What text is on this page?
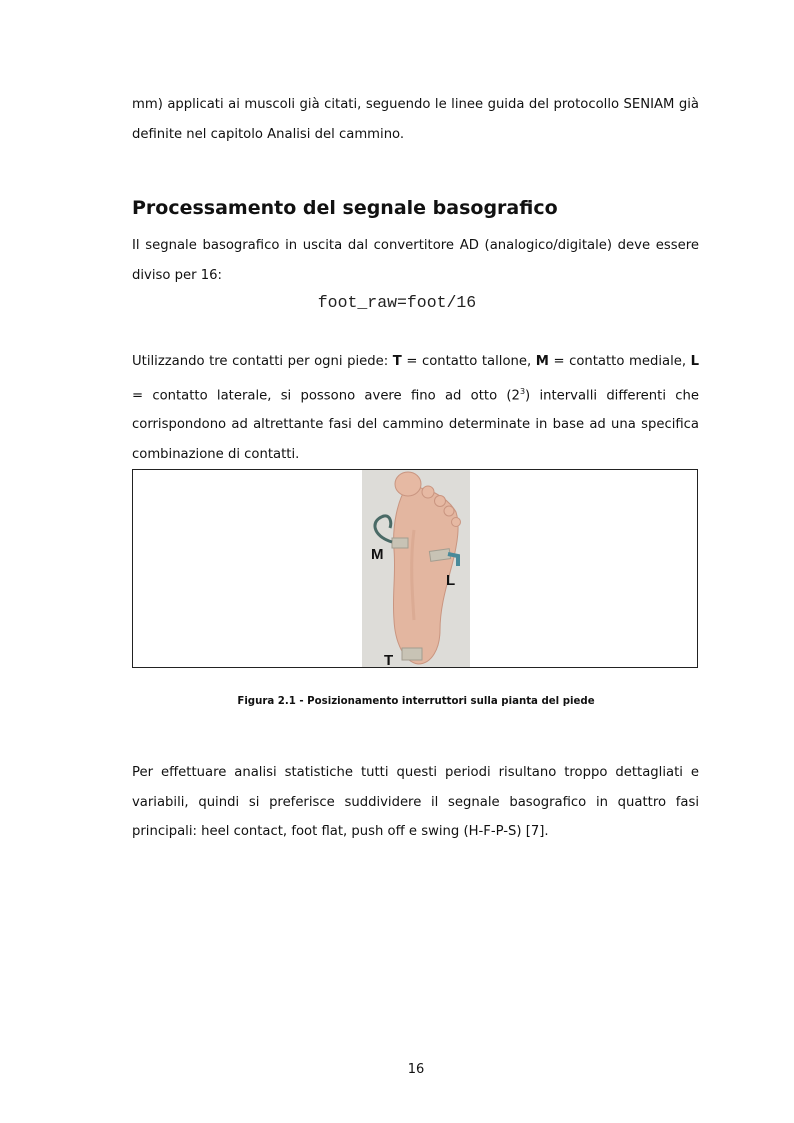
mm) applicati ai muscoli già citati, seguendo le linee guida del protocollo SENIAM già definite nel capitolo Analisi del cammino.

Processamento del segnale basografico

Il segnale basografico in uscita dal convertitore AD (analogico/digitale) deve essere diviso per 16:

foot_raw=foot/16

Utilizzando tre contatti per ogni piede: T = contatto tallone, M = contatto mediale, L = contatto laterale, si possono avere fino ad otto $(2^3)$ intervalli differenti che corrispondono ad altrettante fasi del cammino determinate in base ad una specifica combinazione di contatti.

M
L
T
Figura 2.1 - Posizionamento interruttori sulla pianta del piede

Per effettuare analisi statistiche tutti questi periodi risultano troppo dettagliati e variabili, quindi si preferisce suddividere il segnale basografico in quattro fasi principali: heel contact, foot flat, push off e swing (H-F-P-S) [7].

16
